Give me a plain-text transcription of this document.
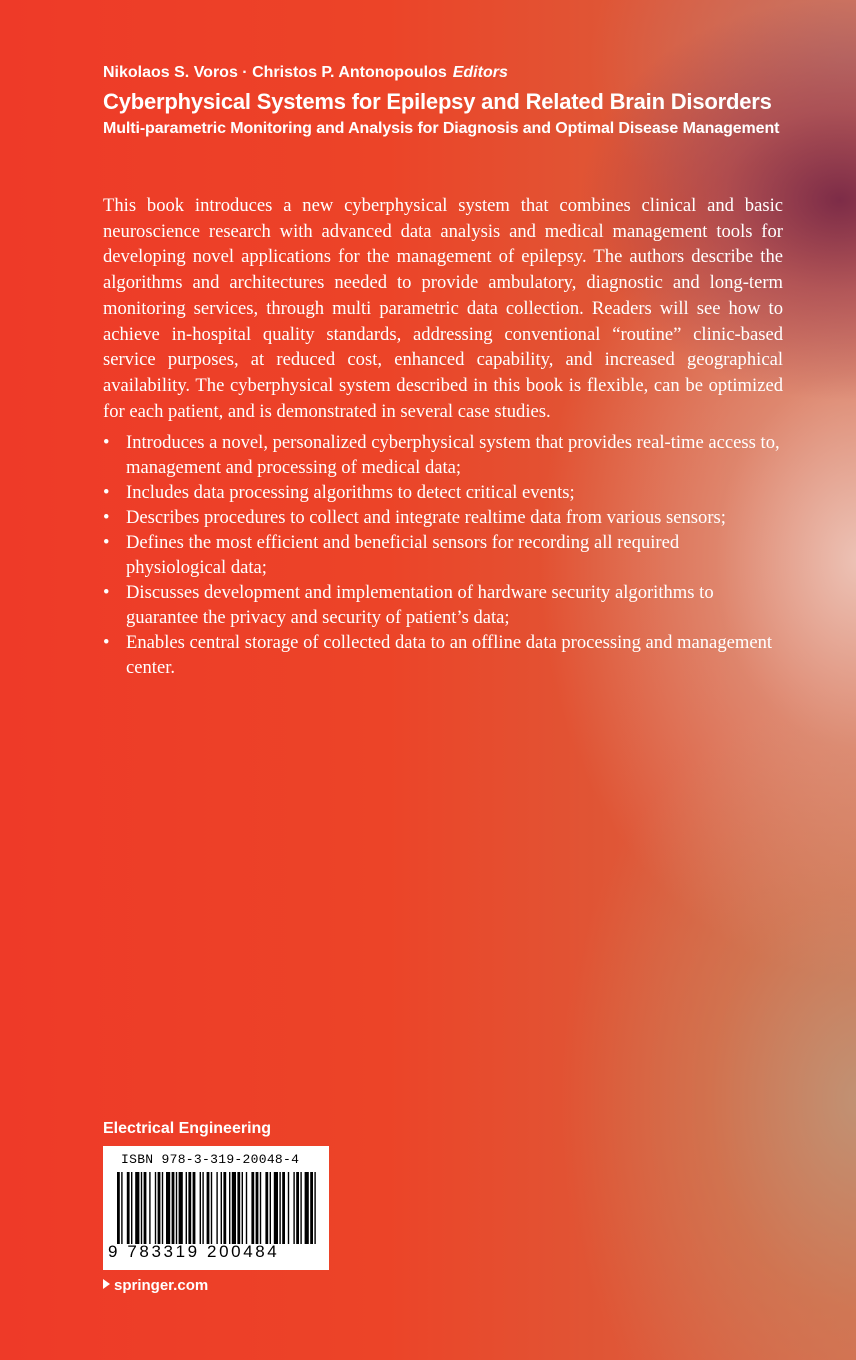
Nikolaos S. Voros · Christos P. Antonopoulos Editors
Cyberphysical Systems for Epilepsy and Related Brain Disorders
Multi-parametric Monitoring and Analysis for Diagnosis and Optimal Disease Management
This book introduces a new cyberphysical system that combines clinical and basic neuroscience research with advanced data analysis and medical management tools for developing novel applications for the management of epilepsy. The authors describe the algorithms and architectures needed to provide ambulatory, diagnostic and long-term monitoring services, through multi parametric data collection. Readers will see how to achieve in-hospital quality standards, addressing conventional “routine” clinic-based service purposes, at reduced cost, enhanced capability, and increased geographical availability. The cyberphysical system described in this book is flexible, can be optimized for each patient, and is demonstrated in several case studies.
• Introduces a novel, personalized cyberphysical system that provides real-time access to, management and processing of medical data;
• Includes data processing algorithms to detect critical events;
• Describes procedures to collect and integrate realtime data from various sensors;
• Defines the most efficient and beneficial sensors for recording all required physiological data;
• Discusses development and implementation of hardware security algorithms to guarantee the privacy and security of patient’s data;
• Enables central storage of collected data to an offline data processing and management center.
Electrical Engineering
ISBN 978-3-319-20048-4
9 783319 200484
springer.com
